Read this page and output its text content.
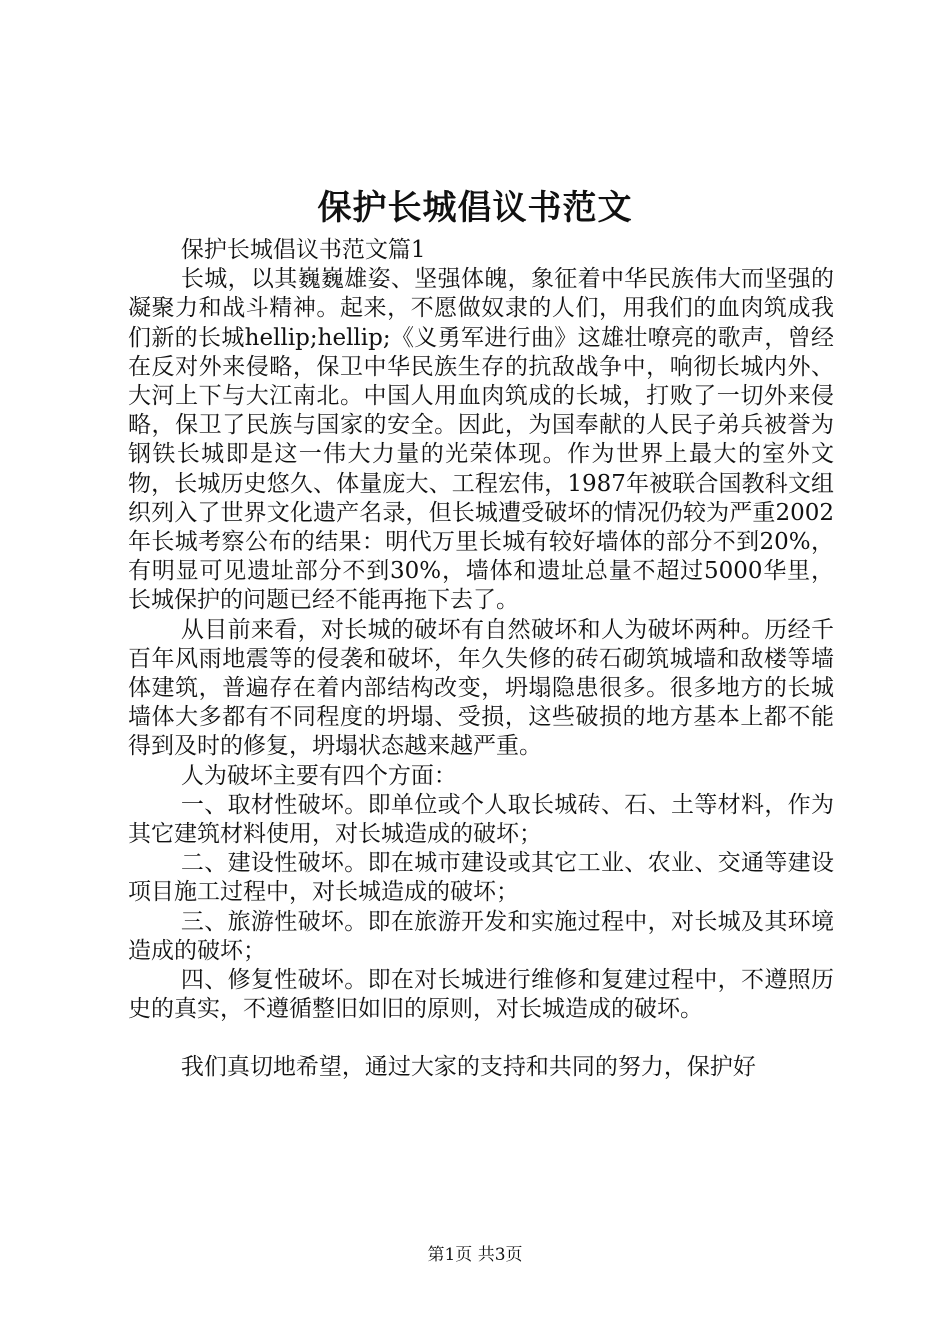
保护长城倡议书范文

保护长城倡议书范文篇1

长城，以其巍巍雄姿、坚强体魄，象征着中华民族伟大而坚强的凝聚力和战斗精神。起来，不愿做奴隶的人们，用我们的血肉筑成我们新的长城hellip;hellip;《义勇军进行曲》这雄壮嘹亮的歌声，曾经在反对外来侵略，保卫中华民族生存的抗敌战争中，响彻长城内外、大河上下与大江南北。中国人用血肉筑成的长城，打败了一切外来侵略，保卫了民族与国家的安全。因此，为国奉献的人民子弟兵被誉为钢铁长城即是这一伟大力量的光荣体现。作为世界上最大的室外文物，长城历史悠久、体量庞大、工程宏伟，1987年被联合国教科文组织列入了世界文化遗产名录，但长城遭受破坏的情况仍较为严重2002年长城考察公布的结果：明代万里长城有较好墙体的部分不到20%，有明显可见遗址部分不到30%，墙体和遗址总量不超过5000华里，长城保护的问题已经不能再拖下去了。

从目前来看，对长城的破坏有自然破坏和人为破坏两种。历经千百年风雨地震等的侵袭和破坏，年久失修的砖石砌筑城墙和敌楼等墙体建筑，普遍存在着内部结构改变，坍塌隐患很多。很多地方的长城墙体大多都有不同程度的坍塌、受损，这些破损的地方基本上都不能得到及时的修复，坍塌状态越来越严重。

人为破坏主要有四个方面：

一、取材性破坏。即单位或个人取长城砖、石、土等材料，作为其它建筑材料使用，对长城造成的破坏；

二、建设性破坏。即在城市建设或其它工业、农业、交通等建设项目施工过程中，对长城造成的破坏；

三、旅游性破坏。即在旅游开发和实施过程中，对长城及其环境造成的破坏；

四、修复性破坏。即在对长城进行维修和复建过程中，不遵照历史的真实，不遵循整旧如旧的原则，对长城造成的破坏。

我们真切地希望，通过大家的支持和共同的努力，保护好

第1页 共3页
